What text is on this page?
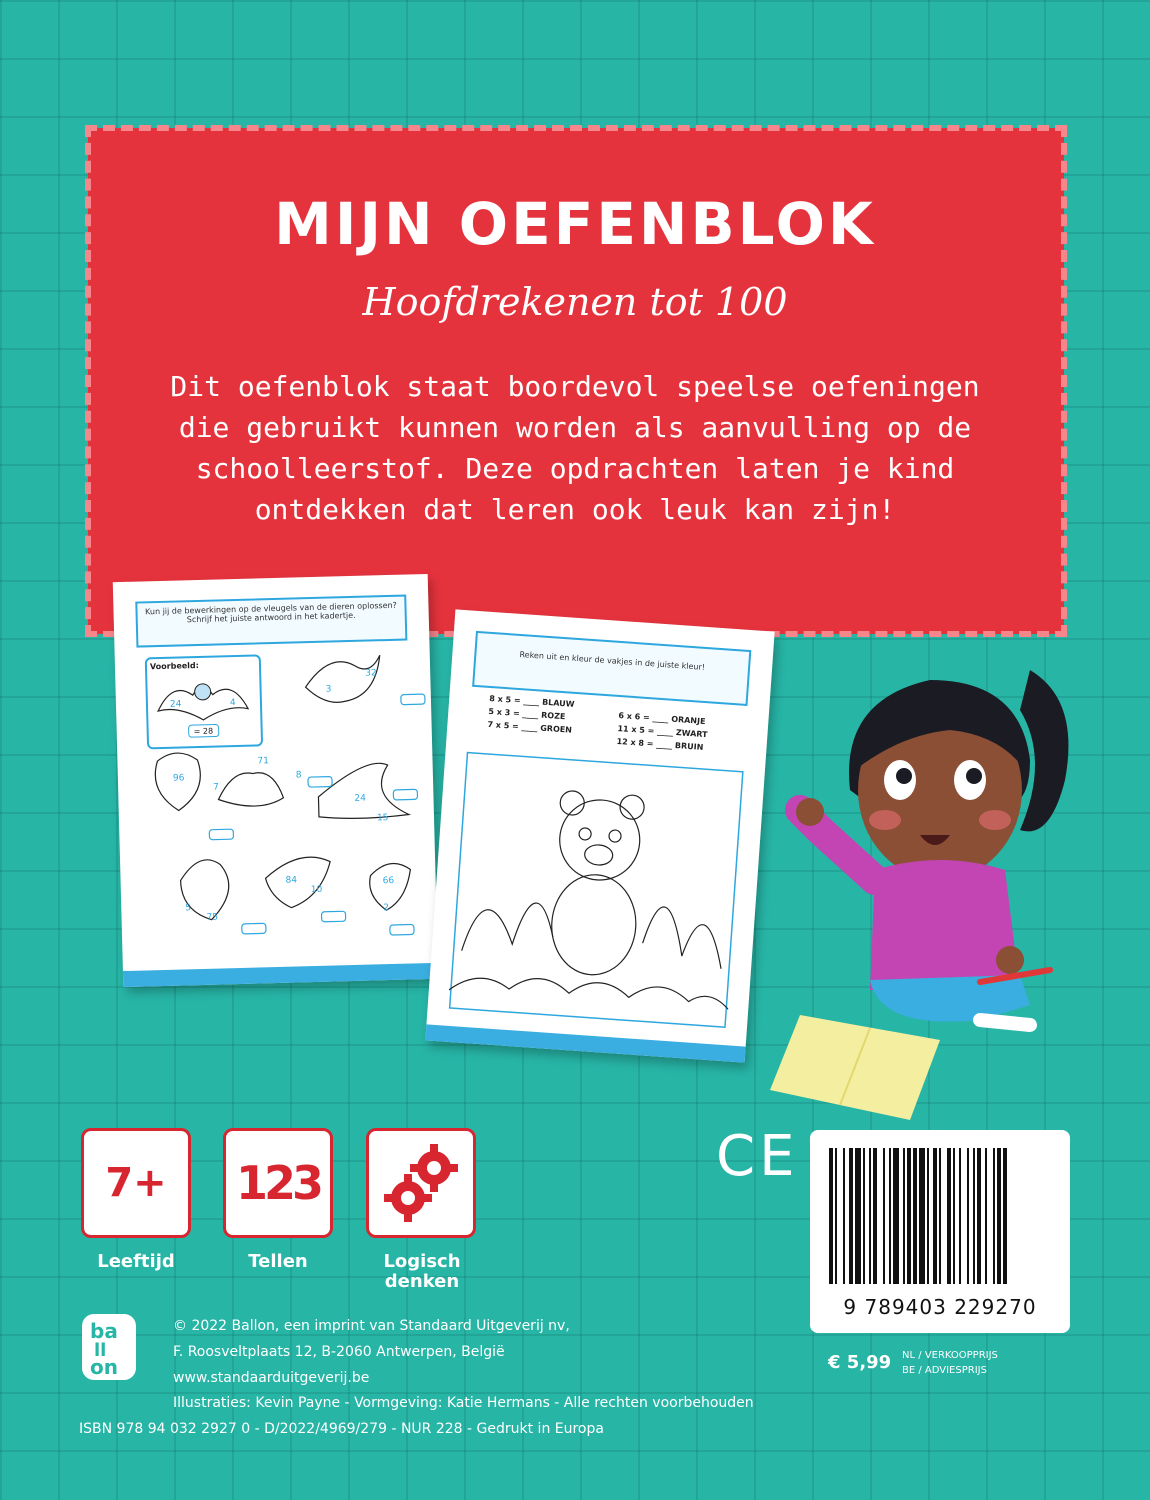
MIJN OEFENBLOK
Hoofdrekenen tot 100
Dit oefenblok staat boordevol speelse oefeningen die gebruikt kunnen worden als aanvulling op de schoolleerstof. Deze opdrachten laten je kind ontdekken dat leren ook leuk kan zijn!
Kun jij de bewerkingen op de vleugels van de dieren oplossen? Schrijf het juiste antwoord in het kadertje.
Voorbeeld:
24	4
= 28
3
32
71
8
96
7
24
15
5
75
84
10
66
2
Reken uit en kleur de vakjes in de juiste kleur!
8 x 5 = ____ BLAUW
5 x 3 = ____ ROZE
7 x 5 = ____ GROEN
6 x 6 = ____ ORANJE
11 x 5 = ____ ZWART
12 x 8 = ____ BRUIN
7+
Leeftijd
123
Tellen	Logisch denken
CE
9 789403 229270
€ 5,99 NL / VERKOOPPRIJS
BE / ADVIESPRIJS
ba
ll
on
© 2022 Ballon, een imprint van Standaard Uitgeverij nv,
F. Roosveltplaats 12, B-2060 Antwerpen, België
www.standaarduitgeverij.be
Illustraties: Kevin Payne - Vormgeving: Katie Hermans - Alle rechten voorbehouden
ISBN 978 94 032 2927 0 - D/2022/4969/279 - NUR 228 - Gedrukt in Europa
